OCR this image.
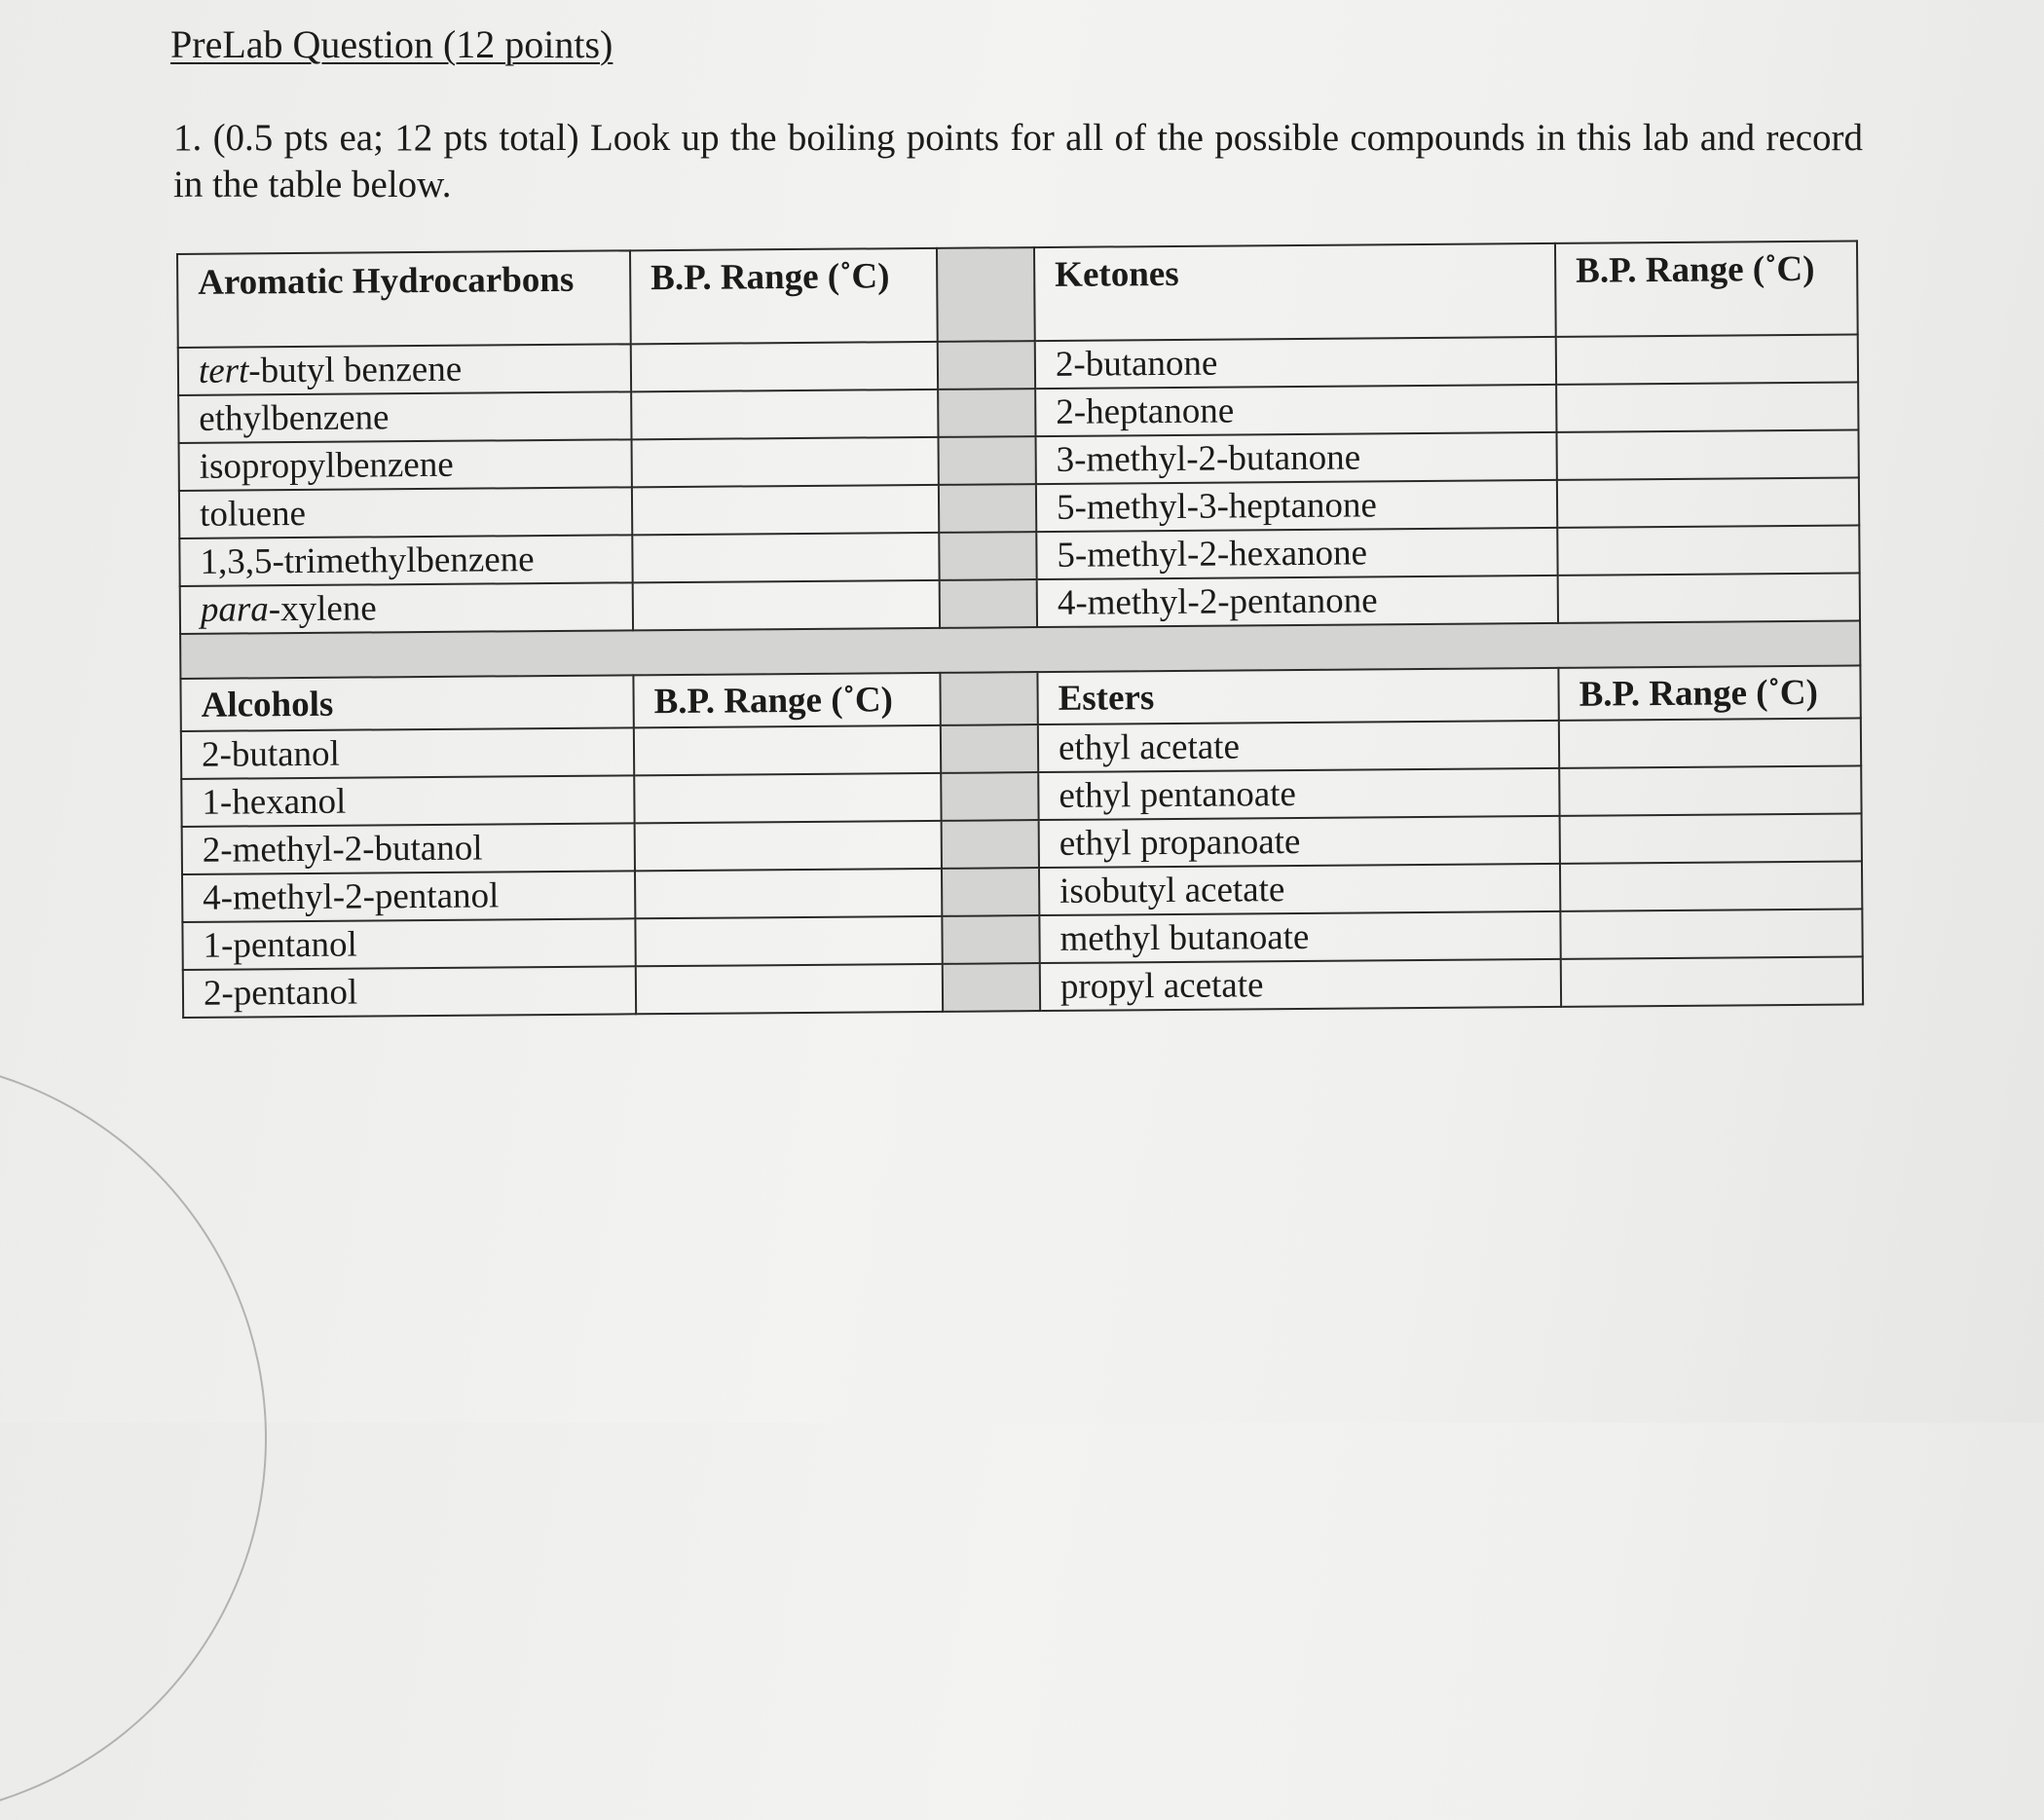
PreLab Question (12 points)
1. (0.5 pts ea; 12 pts total) Look up the boiling points for all of the possible compounds in this lab and record in the table below.
Aromatic Hydrocarbons	B.P. Range (˚C)		Ketones	B.P. Range (˚C)
tert-butyl benzene			2-butanone	
ethylbenzene			2-heptanone	
isopropylbenzene			3-methyl-2-butanone	
toluene			5-methyl-3-heptanone	
1,3,5-trimethylbenzene			5-methyl-2-hexanone	
para-xylene			4-methyl-2-pentanone	

Alcohols	B.P. Range (˚C)		Esters	B.P. Range (˚C)
2-butanol			ethyl acetate	
1-hexanol			ethyl pentanoate	
2-methyl-2-butanol			ethyl propanoate	
4-methyl-2-pentanol			isobutyl acetate	
1-pentanol			methyl butanoate	
2-pentanol			propyl acetate	
